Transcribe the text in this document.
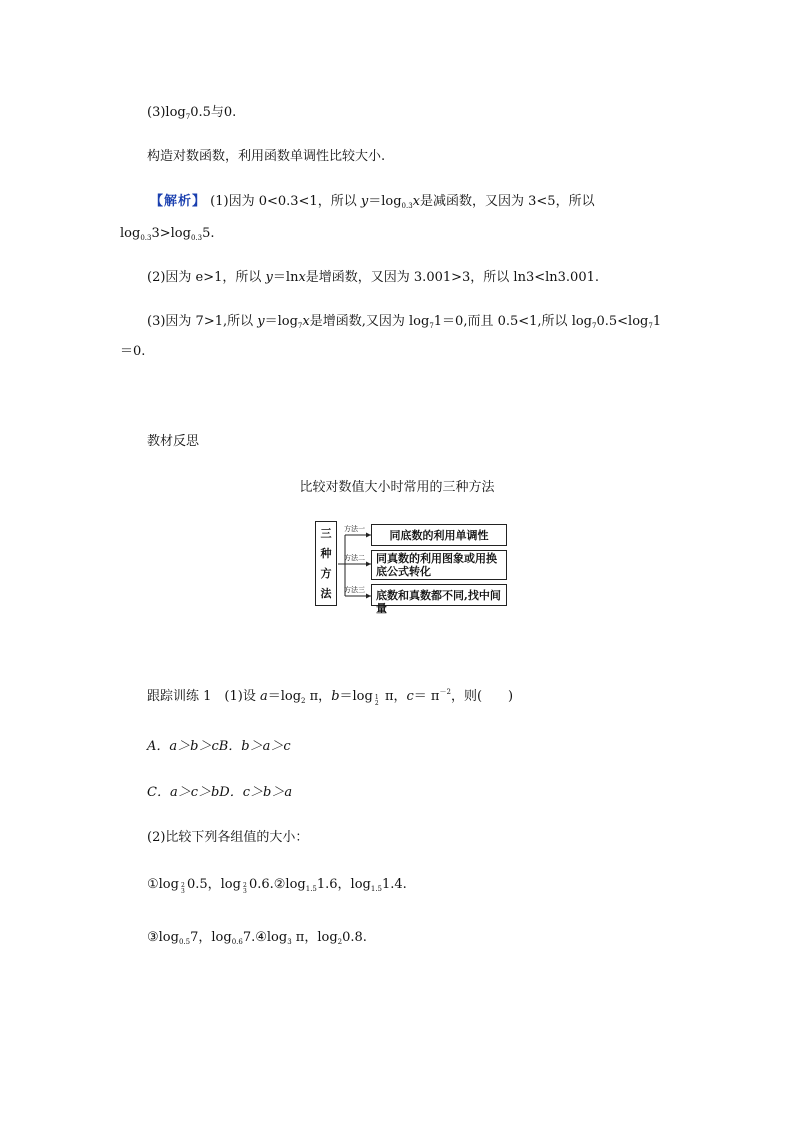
$(3)\log_70.5$与0.
构造对数函数，利用函数单调性比较大小.
【解析】 (1)因为 0<0.3<1，所以 $y=\log_{0.3}x$是减函数，又因为 3<5，所以
$\log_{0.3}3>\log_{0.3}5$.
(2)因为 e>1，所以 y＝lnx是增函数，又因为 3.001>3，所以 ln3<ln3.001.
(3)因为 7>1,所以 $y=\log_7x$是增函数,又因为 $\log_71=0$,而且 0.5<1,所以 $\log_70.5<\log_71$
＝0.
教材反思
比较对数值大小时常用的三种方法
三
种
方
法
方法一
方法二
方法三
同底数的利用单调性
同真数的利用图象或用换底公式转化
底数和真数都不同,找中间量
跟踪训练 1　(1)设 $a=\log_2$ π，b＝log 1
2 π，$c= \pi^{-2}$，则(　　)
A．a＞b＞cB．b＞a＞c
C．a＞c＞bD．c＞b＞a
(2)比较下列各组值的大小：
①log 2
3 0.5，log 2
3 $0.6.②\log_{1.5}1.6$，$\log_{1.5}1.4$.
$③\log_{0.5}7$，$\log_{0.6}7.④\log_3$ π，$\log_20.8$.
